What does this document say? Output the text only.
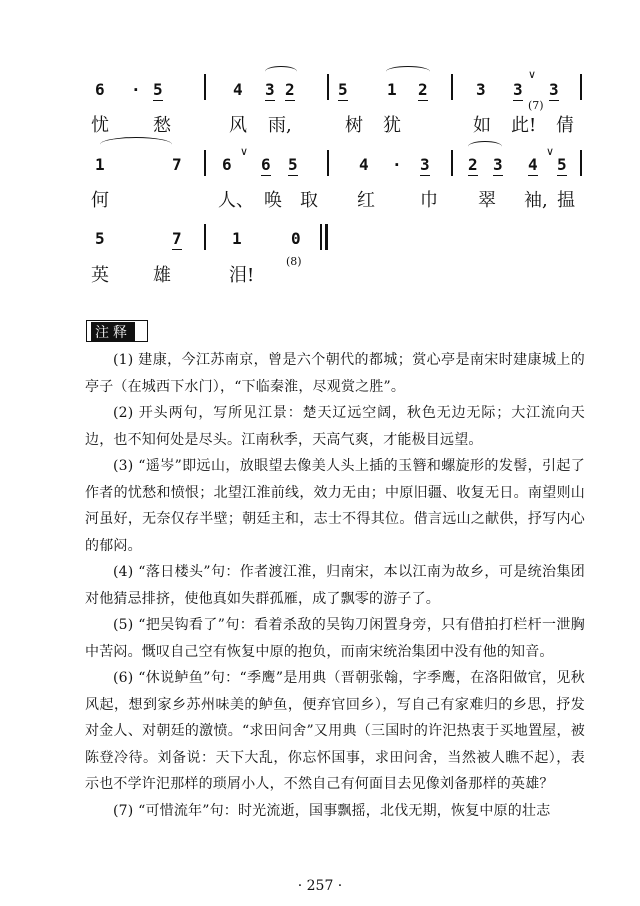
6 · 5	4 3 2	5 1 2	3 3 3
∨
忧 愁	风 雨,	树 犹	如 此! 倩
(7)
1	7	6
∨
6 5	4 · 3 2 3 4
∨
5
何	人、 唤 取 红	巾 翠 袖, 揾
5	7	1	0
英 雄	泪!
(8)
注释

(1) 建康，今江苏南京，曾是六个朝代的都城；赏心亭是南宋时建康城上的亭子（在城西下水门），“下临秦淮，尽观赏之胜”。

(2) 开头两句，写所见江景：楚天辽远空阔，秋色无边无际；大江流向天边，也不知何处是尽头。江南秋季，天高气爽，才能极目远望。

(3) “遥岑”即远山，放眼望去像美人头上插的玉簪和螺旋形的发髻，引起了作者的忧愁和愤恨；北望江淮前线，效力无由；中原旧疆、收复无日。南望则山河虽好，无奈仅存半壁；朝廷主和，志士不得其位。借言远山之献供，抒写内心的郁闷。

(4) “落日楼头”句：作者渡江淮，归南宋，本以江南为故乡，可是统治集团对他猜忌排挤，使他真如失群孤雁，成了飘零的游子了。

(5) “把吴钩看了”句：看着杀敌的吴钩刀闲置身旁，只有借拍打栏杆一泄胸中苦闷。慨叹自己空有恢复中原的抱负，而南宋统治集团中没有他的知音。

(6) “休说鲈鱼”句：“季鹰”是用典（晋朝张翰，字季鹰，在洛阳做官，见秋风起，想到家乡苏州味美的鲈鱼，便弃官回乡），写自己有家难归的乡思，抒发对金人、对朝廷的激愤。“求田问舍”又用典（三国时的许汜热衷于买地置屋，被陈登冷待。刘备说：天下大乱，你忘怀国事，求田问舍，当然被人瞧不起），表示也不学许汜那样的琐屑小人，不然自己有何面目去见像刘备那样的英雄？

(7) “可惜流年”句：时光流逝，国事飘摇，北伐无期，恢复中原的壮志

· 257 ·
